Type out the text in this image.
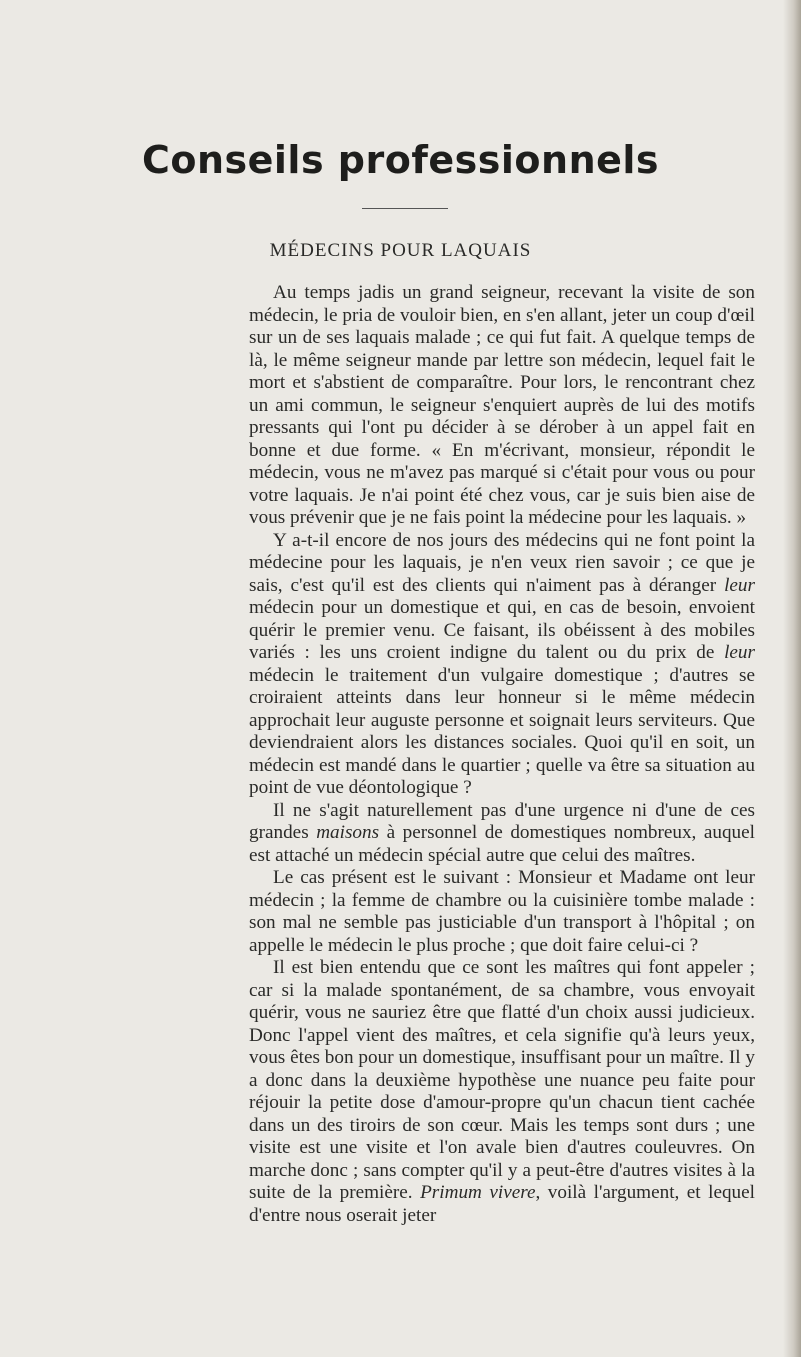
Conseils professionnels
MÉDECINS POUR LAQUAIS

Au temps jadis un grand seigneur, recevant la visite de son médecin, le pria de vouloir bien, en s'en allant, jeter un coup d'œil sur un de ses laquais malade ; ce qui fut fait. A quelque temps de là, le même seigneur mande par lettre son médecin, lequel fait le mort et s'abstient de comparaître. Pour lors, le rencontrant chez un ami commun, le seigneur s'enquiert auprès de lui des motifs pressants qui l'ont pu décider à se dérober à un appel fait en bonne et due forme. « En m'écrivant, monsieur, répondit le médecin, vous ne m'avez pas marqué si c'était pour vous ou pour votre laquais. Je n'ai point été chez vous, car je suis bien aise de vous prévenir que je ne fais point la médecine pour les laquais. »

Y a-t-il encore de nos jours des médecins qui ne font point la médecine pour les laquais, je n'en veux rien savoir ; ce que je sais, c'est qu'il est des clients qui n'aiment pas à déranger leur médecin pour un domestique et qui, en cas de besoin, envoient quérir le premier venu. Ce faisant, ils obéissent à des mobiles variés : les uns croient indigne du talent ou du prix de leur médecin le traitement d'un vulgaire domestique ; d'autres se croiraient atteints dans leur honneur si le même médecin approchait leur auguste personne et soignait leurs serviteurs. Que deviendraient alors les distances sociales. Quoi qu'il en soit, un médecin est mandé dans le quartier ; quelle va être sa situation au point de vue déontologique ?

Il ne s'agit naturellement pas d'une urgence ni d'une de ces grandes maisons à personnel de domestiques nombreux, auquel est attaché un médecin spécial autre que celui des maîtres.

Le cas présent est le suivant : Monsieur et Madame ont leur médecin ; la femme de chambre ou la cuisinière tombe malade : son mal ne semble pas justiciable d'un transport à l'hôpital ; on appelle le médecin le plus proche ; que doit faire celui-ci ?

Il est bien entendu que ce sont les maîtres qui font appeler ; car si la malade spontanément, de sa chambre, vous envoyait quérir, vous ne sauriez être que flatté d'un choix aussi judicieux. Donc l'appel vient des maîtres, et cela signifie qu'à leurs yeux, vous êtes bon pour un domestique, insuffisant pour un maître. Il y a donc dans la deuxième hypothèse une nuance peu faite pour réjouir la petite dose d'amour-propre qu'un chacun tient cachée dans un des tiroirs de son cœur. Mais les temps sont durs ; une visite est une visite et l'on avale bien d'autres couleuvres. On marche donc ; sans compter qu'il y a peut-être d'autres visites à la suite de la première. Primum vivere, voilà l'argument, et lequel d'entre nous oserait jeter
